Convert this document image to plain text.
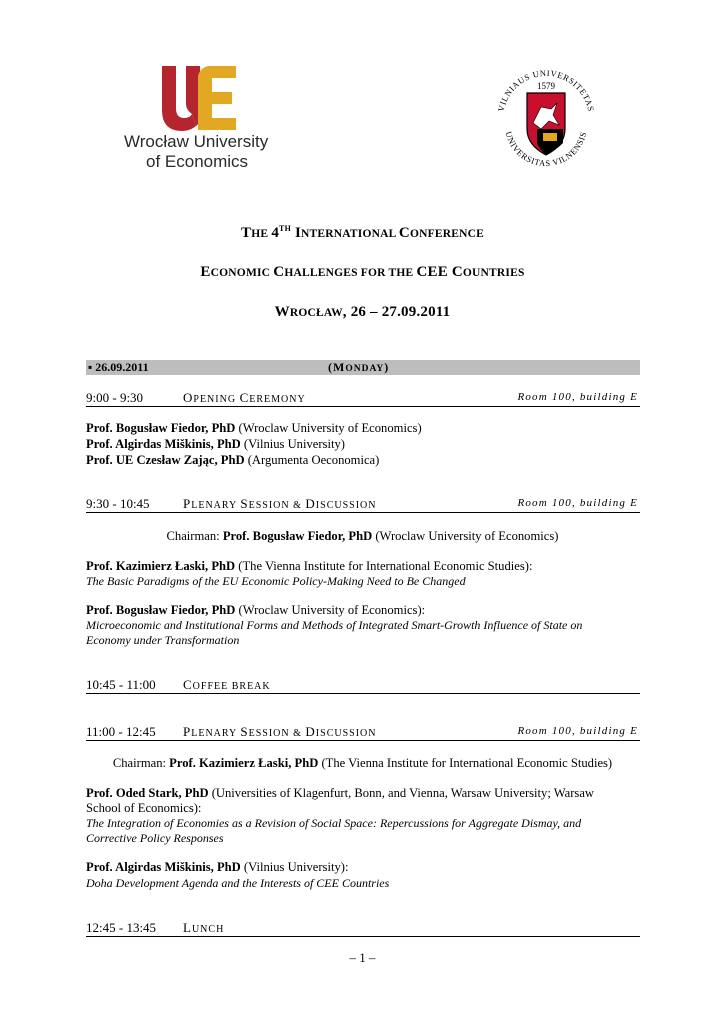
Wrocław University
of Economics
VILNIAUS UNIVERSITETAS
UNIVERSITAS VILNENSIS
1579
THE 4TH INTERNATIONAL CONFERENCE
ECONOMIC CHALLENGES FOR THE CEE COUNTRIES
WROCŁAW, 26 – 27.09.2011
▪ 26.09.2011	(MONDAY)
9:00 - 9:30	OPENING CEREMONY	Room 100, building E
Prof. Bogusław Fiedor, PhD (Wroclaw University of Economics)
Prof. Algirdas Miškinis, PhD (Vilnius University)
Prof. UE Czesław Zając, PhD (Argumenta Oeconomica)
9:30 - 10:45	PLENARY SESSION & DISCUSSION	Room 100, building E
Chairman: Prof. Bogusław Fiedor, PhD (Wroclaw University of Economics)
Prof. Kazimierz Łaski, PhD (The Vienna Institute for International Economic Studies):
The Basic Paradigms of the EU Economic Policy-Making Need to Be Changed
Prof. Bogusław Fiedor, PhD (Wroclaw University of Economics):
Microeconomic and Institutional Forms and Methods of Integrated Smart-Growth Influence of State on
Economy under Transformation
10:45 - 11:00 COFFEE BREAK
11:00 - 12:45 PLENARY SESSION & DISCUSSION	Room 100, building E
Chairman: Prof. Kazimierz Łaski, PhD (The Vienna Institute for International Economic Studies)
Prof. Oded Stark, PhD (Universities of Klagenfurt, Bonn, and Vienna, Warsaw University; Warsaw
School of Economics):
The Integration of Economies as a Revision of Social Space: Repercussions for Aggregate Dismay, and
Corrective Policy Responses
Prof. Algirdas Miškinis, PhD (Vilnius University):
Doha Development Agenda and the Interests of CEE Countries
12:45 - 13:45 LUNCH
– 1 –
